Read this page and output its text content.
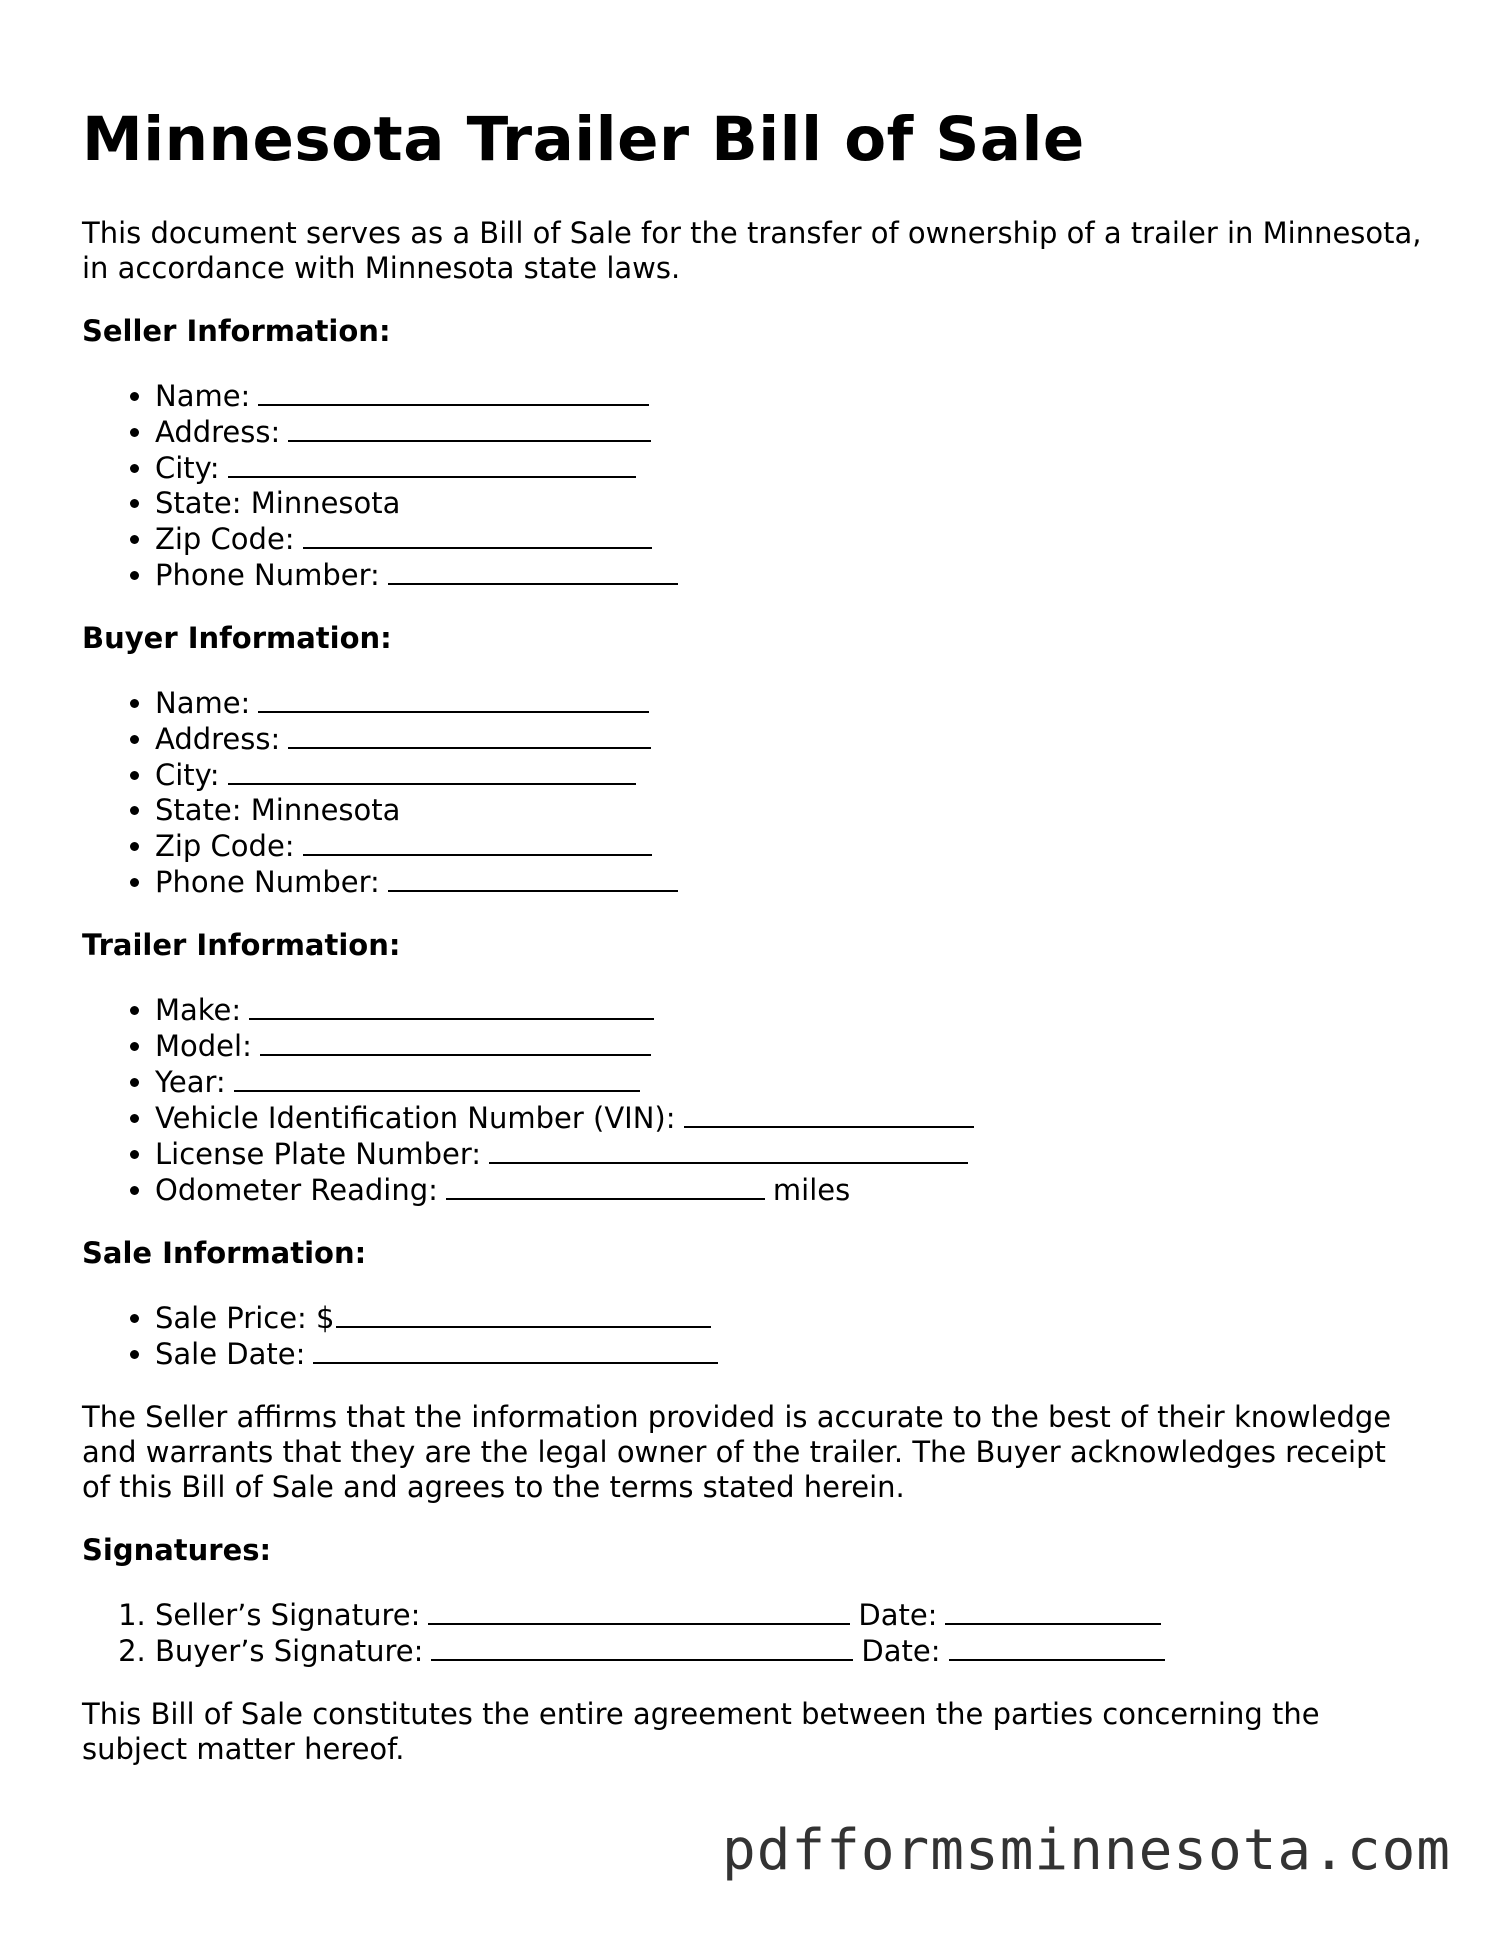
Minnesota Trailer Bill of Sale

This document serves as a Bill of Sale for the transfer of ownership of a trailer in Minnesota, in accordance with Minnesota state laws.

Seller Information:
• Name:
• Address:
• City:
• State: Minnesota
• Zip Code:
• Phone Number:
Buyer Information:
• Name:
• Address:
• City:
• State: Minnesota
• Zip Code:
• Phone Number:
Trailer Information:
• Make:
• Model:
• Year:
• Vehicle Identification Number (VIN):
• License Plate Number:
• Odometer Reading:	miles
Sale Information:
• Sale Price: $
• Sale Date:

The Seller affirms that the information provided is accurate to the best of their knowledge and warrants that they are the legal owner of the trailer. The Buyer acknowledges receipt of this Bill of Sale and agrees to the terms stated herein.

Signatures:
1. Seller’s Signature:	Date:
2. Buyer’s Signature:	Date:

This Bill of Sale constitutes the entire agreement between the parties concerning the subject matter hereof.

pdfformsminnesota.com
